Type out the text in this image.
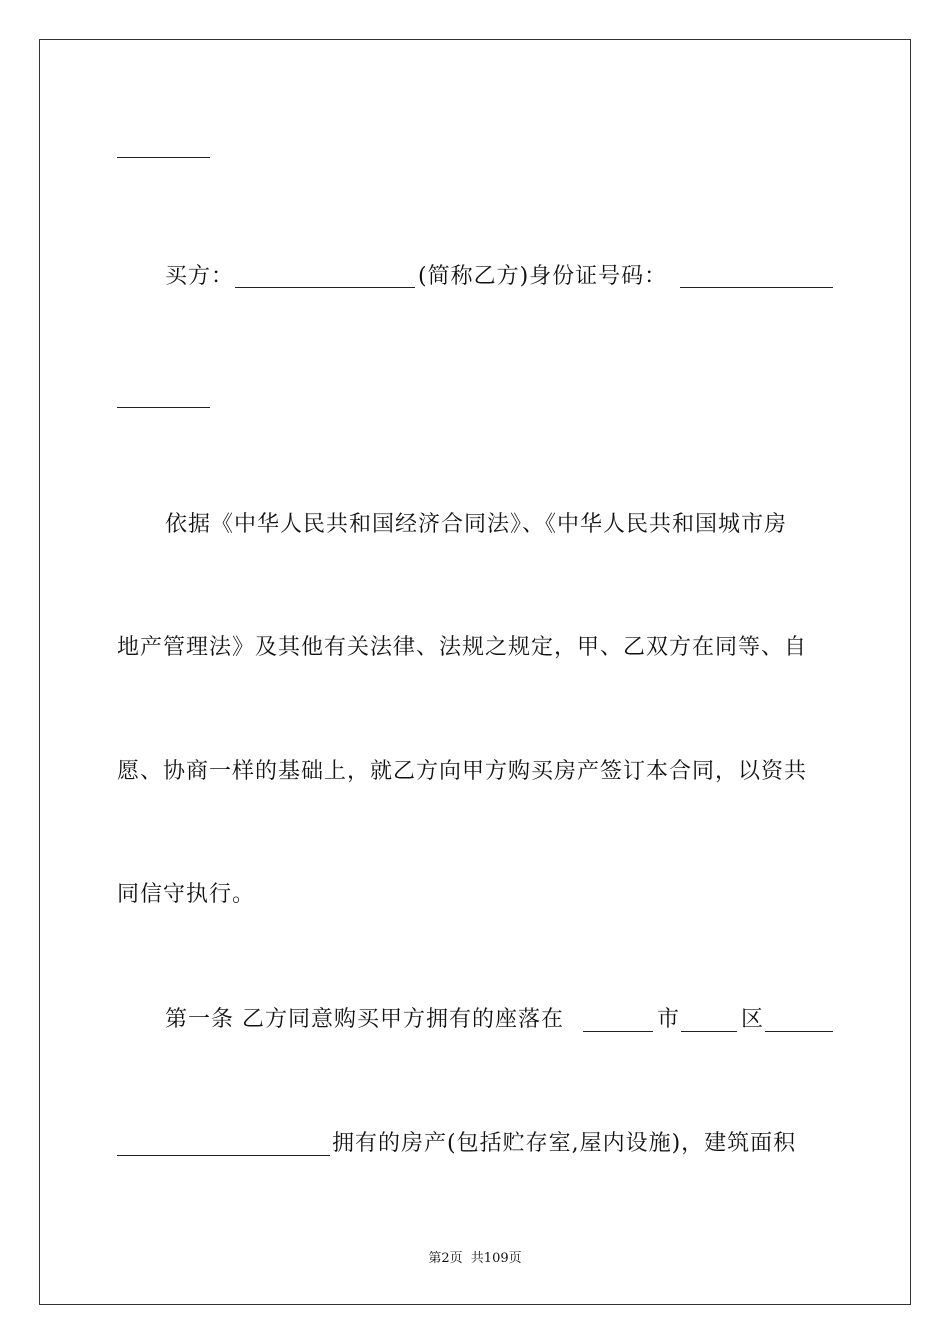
买方：	(简称乙方)身份证号码：
依据《中华人民共和国经济合同法》、《中华人民共和国城市房
地产管理法》及其他有关法律、法规之规定，甲、乙双方在同等、自
愿、协商一样的基础上，就乙方向甲方购买房产签订本合同，以资共
同信守执行。
第一条 乙方同意购买甲方拥有的座落在	市	区
拥有的房产(包括贮存室,屋内设施)，建筑面积
第2页 共109页
